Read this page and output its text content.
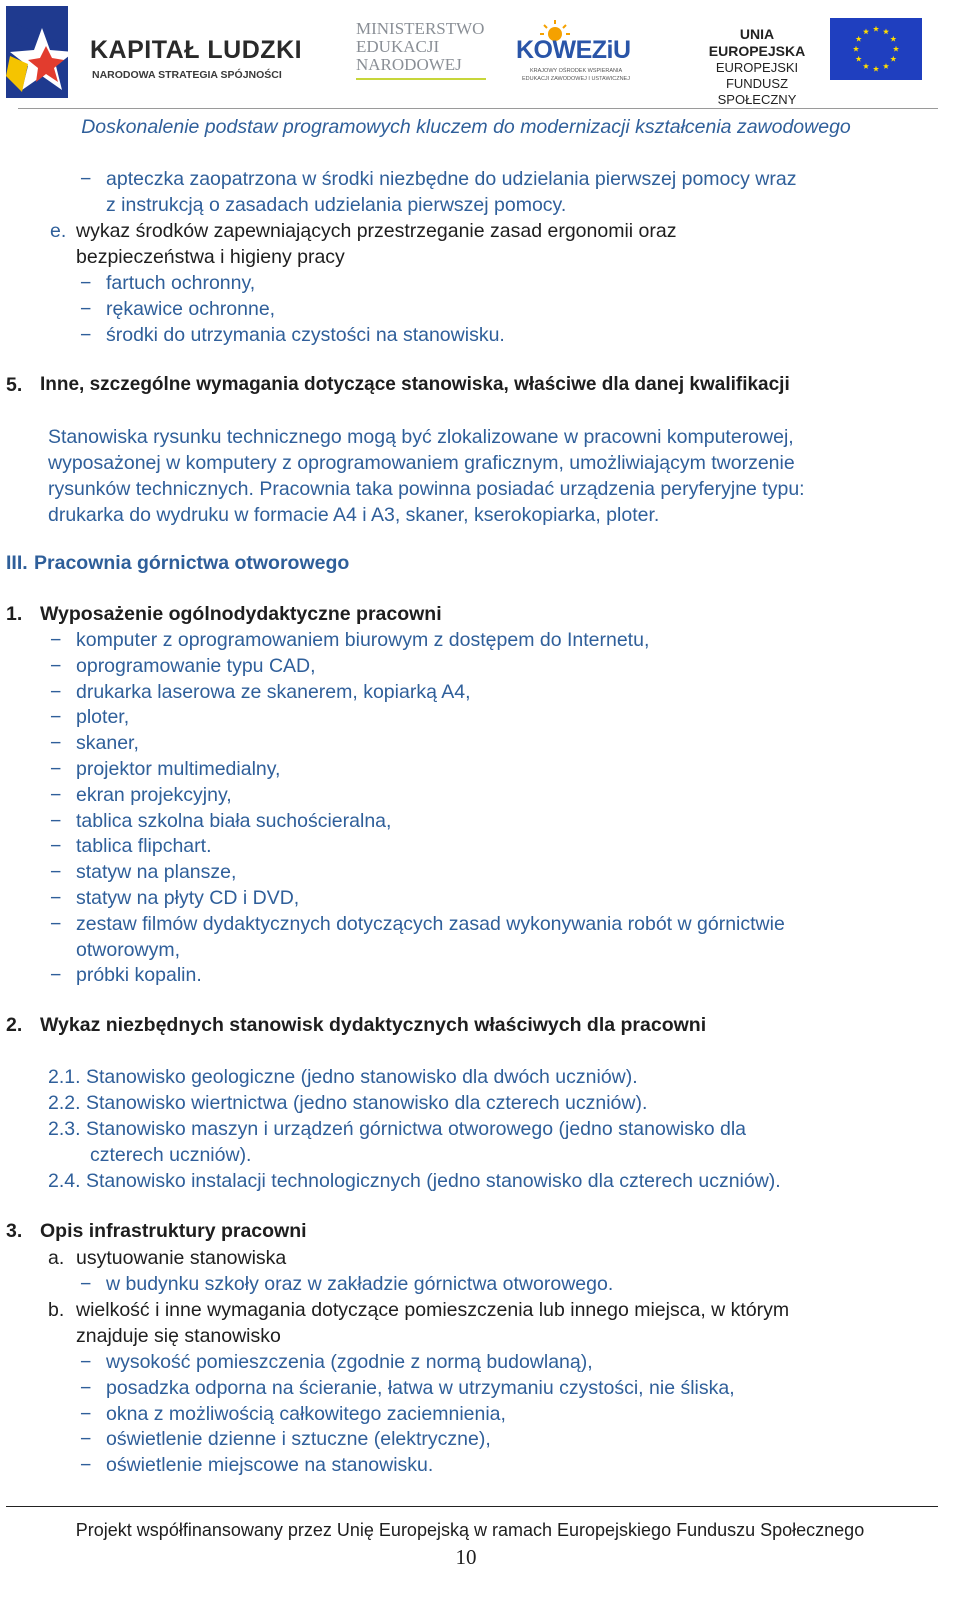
KAPITAŁ LUDZKI
NARODOWA STRATEGIA SPÓJNOŚCI
MINISTERSTWO
EDUKACJI
NARODOWEJ
KOWEZiU
KRAJOWY OŚRODEK WSPIERANIA
EDUKACJI ZAWODOWEJ I USTAWICZNEJ
UNIA EUROPEJSKA
EUROPEJSKI
FUNDUSZ SPOŁECZNY
Doskonalenie podstaw programowych kluczem do modernizacji kształcenia zawodowego
− apteczka zaopatrzona w środki niezbędne do udzielania pierwszej pomocy wraz
z instrukcją o zasadach udzielania pierwszej pomocy.
e. wykaz środków zapewniających przestrzeganie zasad ergonomii oraz
bezpieczeństwa i higieny pracy
− fartuch ochronny,
− rękawice ochronne,
− środki do utrzymania czystości na stanowisku.
5. Inne, szczególne wymagania dotyczące stanowiska, właściwe dla danej kwalifikacji
Stanowiska rysunku technicznego mogą być zlokalizowane w pracowni komputerowej,
wyposażonej w komputery z oprogramowaniem graficznym, umożliwiającym tworzenie
rysunków technicznych. Pracownia taka powinna posiadać urządzenia peryferyjne typu:
drukarka do wydruku w formacie A4 i A3, skaner, kserokopiarka, ploter.
III. Pracownia górnictwa otworowego
1. Wyposażenie ogólnodydaktyczne pracowni
− komputer z oprogramowaniem biurowym z dostępem do Internetu,
− oprogramowanie typu CAD,
− drukarka laserowa ze skanerem, kopiarką A4,
− ploter,
− skaner,
− projektor multimedialny,
− ekran projekcyjny,
− tablica szkolna biała suchościeralna,
− tablica flipchart.
− statyw na plansze,
− statyw na płyty CD i DVD,
− zestaw filmów dydaktycznych dotyczących zasad wykonywania robót w górnictwie
otworowym,
− próbki kopalin.
2. Wykaz niezbędnych stanowisk dydaktycznych właściwych dla pracowni
2.1. Stanowisko geologiczne (jedno stanowisko dla dwóch uczniów).
2.2. Stanowisko wiertnictwa (jedno stanowisko dla czterech uczniów).
2.3. Stanowisko maszyn i urządzeń górnictwa otworowego (jedno stanowisko dla
czterech uczniów).
2.4. Stanowisko instalacji technologicznych (jedno stanowisko dla czterech uczniów).
3. Opis infrastruktury pracowni
a. usytuowanie stanowiska
− w budynku szkoły oraz w zakładzie górnictwa otworowego.
b. wielkość i inne wymagania dotyczące pomieszczenia lub innego miejsca, w którym
znajduje się stanowisko
− wysokość pomieszczenia (zgodnie z normą budowlaną),
− posadzka odporna na ścieranie, łatwa w utrzymaniu czystości, nie śliska,
− okna z możliwością całkowitego zaciemnienia,
− oświetlenie dzienne i sztuczne (elektryczne),
− oświetlenie miejscowe na stanowisku.
Projekt współfinansowany przez Unię Europejską w ramach Europejskiego Funduszu Społecznego
10
